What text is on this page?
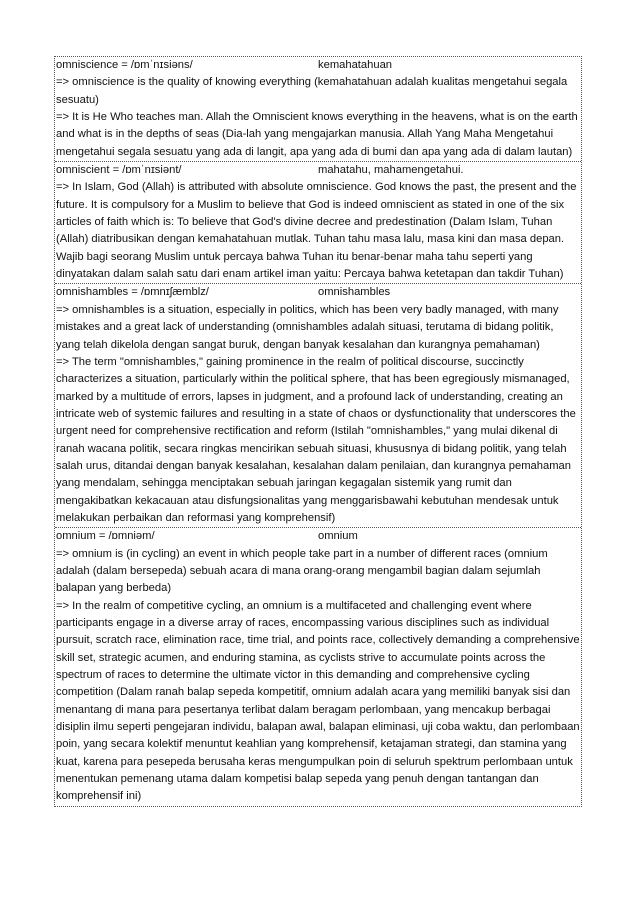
omniscience = /ɒmˈnɪsiəns/	kemahatahuan

=> omniscience is the quality of knowing everything (kemahatahuan adalah kualitas mengetahui segala sesuatu)

=> It is He Who teaches man. Allah the Omniscient knows everything in the heavens, what is on the earth and what is in the depths of seas (Dia-lah yang mengajarkan manusia. Allah Yang Maha Mengetahui mengetahui segala sesuatu yang ada di langit, apa yang ada di bumi dan apa yang ada di dalam lautan)

omniscient = /ɒmˈnɪsiənt/	mahatahu, mahamengetahui.

=> In Islam, God (Allah) is attributed with absolute omniscience. God knows the past, the present and the future. It is compulsory for a Muslim to believe that God is indeed omniscient as stated in one of the six articles of faith which is: To believe that God's divine decree and predestination (Dalam Islam, Tuhan (Allah) diatribusikan dengan kemahatahuan mutlak. Tuhan tahu masa lalu, masa kini dan masa depan. Wajib bagi seorang Muslim untuk percaya bahwa Tuhan itu benar-benar maha tahu seperti yang dinyatakan dalam salah satu dari enam artikel iman yaitu: Percaya bahwa ketetapan dan takdir Tuhan)

omnishambles = /ɒmnɪʃæmblz/	omnishambles

=> omnishambles is a situation, especially in politics, which has been very badly managed, with many mistakes and a great lack of understanding (omnishambles adalah situasi, terutama di bidang politik, yang telah dikelola dengan sangat buruk, dengan banyak kesalahan dan kurangnya pemahaman)

=> The term "omnishambles," gaining prominence in the realm of political discourse, succinctly characterizes a situation, particularly within the political sphere, that has been egregiously mismanaged, marked by a multitude of errors, lapses in judgment, and a profound lack of understanding, creating an intricate web of systemic failures and resulting in a state of chaos or dysfunctionality that underscores the urgent need for comprehensive rectification and reform (Istilah "omnishambles," yang mulai dikenal di ranah wacana politik, secara ringkas mencirikan sebuah situasi, khususnya di bidang politik, yang telah salah urus, ditandai dengan banyak kesalahan, kesalahan dalam penilaian, dan kurangnya pemahaman yang mendalam, sehingga menciptakan sebuah jaringan kegagalan sistemik yang rumit dan mengakibatkan kekacauan atau disfungsionalitas yang menggarisbawahi kebutuhan mendesak untuk melakukan perbaikan dan reformasi yang komprehensif)

omnium = /ɒmniəm/	omnium

=> omnium is (in cycling) an event in which people take part in a number of different races (omnium adalah (dalam bersepeda) sebuah acara di mana orang-orang mengambil bagian dalam sejumlah balapan yang berbeda)

=> In the realm of competitive cycling, an omnium is a multifaceted and challenging event where participants engage in a diverse array of races, encompassing various disciplines such as individual pursuit, scratch race, elimination race, time trial, and points race, collectively demanding a comprehensive skill set, strategic acumen, and enduring stamina, as cyclists strive to accumulate points across the spectrum of races to determine the ultimate victor in this demanding and comprehensive cycling competition (Dalam ranah balap sepeda kompetitif, omnium adalah acara yang memiliki banyak sisi dan menantang di mana para pesertanya terlibat dalam beragam perlombaan, yang mencakup berbagai disiplin ilmu seperti pengejaran individu, balapan awal, balapan eliminasi, uji coba waktu, dan perlombaan poin, yang secara kolektif menuntut keahlian yang komprehensif, ketajaman strategi, dan stamina yang kuat, karena para pesepeda berusaha keras mengumpulkan poin di seluruh spektrum perlombaan untuk menentukan pemenang utama dalam kompetisi balap sepeda yang penuh dengan tantangan dan komprehensif ini)
